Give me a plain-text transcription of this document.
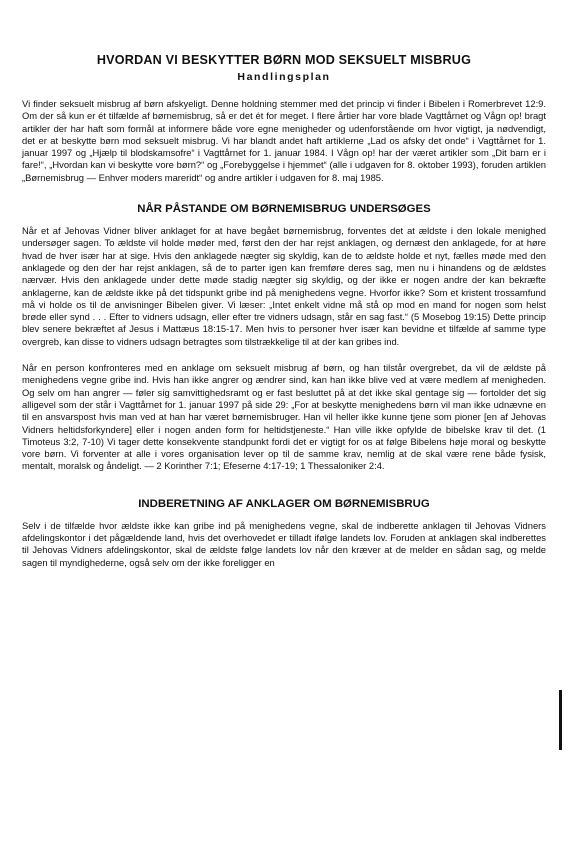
HVORDAN VI BESKYTTER BØRN MOD SEKSUELT MISBRUG
Handlingsplan

Vi finder seksuelt misbrug af børn afskyeligt. Denne holdning stemmer med det princip vi finder i Bibelen i Romerbrevet 12:9. Om der så kun er ét tilfælde af børnemisbrug, så er det ét for meget. I flere årtier har vore blade Vagttårnet og Vågn op! bragt artikler der har haft som formål at informere både vore egne menigheder og udenforstående om hvor vigtigt, ja nødvendigt, det er at beskytte børn mod seksuelt misbrug. Vi har blandt andet haft artiklerne „Lad os afsky det onde“ i Vagttårnet for 1. januar 1997 og „Hjælp til blodskamsofre“ i Vagttårnet for 1. januar 1984. I Vågn op! har der været artikler som „Dit barn er i fare!“, „Hvordan kan vi beskytte vore børn?“ og „Forebyggelse i hjemmet“ (alle i udgaven for 8. oktober 1993), foruden artiklen „Børnemisbrug — Enhver moders mareridt“ og andre artikler i udgaven for 8. maj 1985.

NÅR PÅSTANDE OM BØRNEMISBRUG UNDERSØGES

Når et af Jehovas Vidner bliver anklaget for at have begået børnemisbrug, forventes det at ældste i den lokale menighed undersøger sagen. To ældste vil holde møder med, først den der har rejst anklagen, og dernæst den anklagede, for at høre hvad de hver især har at sige. Hvis den anklagede nægter sig skyldig, kan de to ældste holde et nyt, fælles møde med den anklagede og den der har rejst anklagen, så de to parter igen kan fremføre deres sag, men nu i hinandens og de ældstes nærvær. Hvis den anklagede under dette møde stadig nægter sig skyldig, og der ikke er nogen andre der kan bekræfte anklagerne, kan de ældste ikke på det tidspunkt gribe ind på menighedens vegne. Hvorfor ikke? Som et kristent trossamfund må vi holde os til de anvisninger Bibelen giver. Vi læser: „Intet enkelt vidne må stå op mod en mand for nogen som helst brøde eller synd . . . Efter to vidners udsagn, eller efter tre vidners udsagn, står en sag fast.“ (5 Mosebog 19:15) Dette princip blev senere bekræftet af Jesus i Mattæus 18:15-17. Men hvis to personer hver især kan bevidne et tilfælde af samme type overgreb, kan disse to vidners udsagn betragtes som tilstrækkelige til at der kan gribes ind.

Når en person konfronteres med en anklage om seksuelt misbrug af børn, og han tilstår overgrebet, da vil de ældste på menighedens vegne gribe ind. Hvis han ikke angrer og ændrer sind, kan han ikke blive ved at være medlem af menigheden. Og selv om han angrer — føler sig samvittighedsramt og er fast besluttet på at det ikke skal gentage sig — fortolder det sig alligevel som der står i Vagttårnet for 1. januar 1997 på side 29: „For at beskytte menighedens børn vil man ikke udnævne en til en ansvarspost hvis man ved at han har været børnemisbruger. Han vil heller ikke kunne tjene som pioner [en af Jehovas Vidners heltidsforkyndere] eller i nogen anden form for heltidstjeneste.“ Han ville ikke opfylde de bibelske krav til det. (1 Timoteus 3:2, 7-10) Vi tager dette konsekvente standpunkt fordi det er vigtigt for os at følge Bibelens høje moral og beskytte vore børn. Vi forventer at alle i vores organisation lever op til de samme krav, nemlig at de skal være rene både fysisk, mentalt, moralsk og åndeligt. — 2 Korinther 7:1; Efeserne 4:17-19; 1 Thessaloniker 2:4.

INDBERETNING AF ANKLAGER OM BØRNEMISBRUG

Selv i de tilfælde hvor ældste ikke kan gribe ind på menighedens vegne, skal de indberette anklagen til Jehovas Vidners afdelingskontor i det pågældende land, hvis det overhovedet er tilladt ifølge landets lov. Foruden at anklagen skal indberettes til Jehovas Vidners afdelingskontor, skal de ældste følge landets lov når den kræver at de melder en sådan sag, og melde sagen til myndighederne, også selv om der ikke foreligger en
